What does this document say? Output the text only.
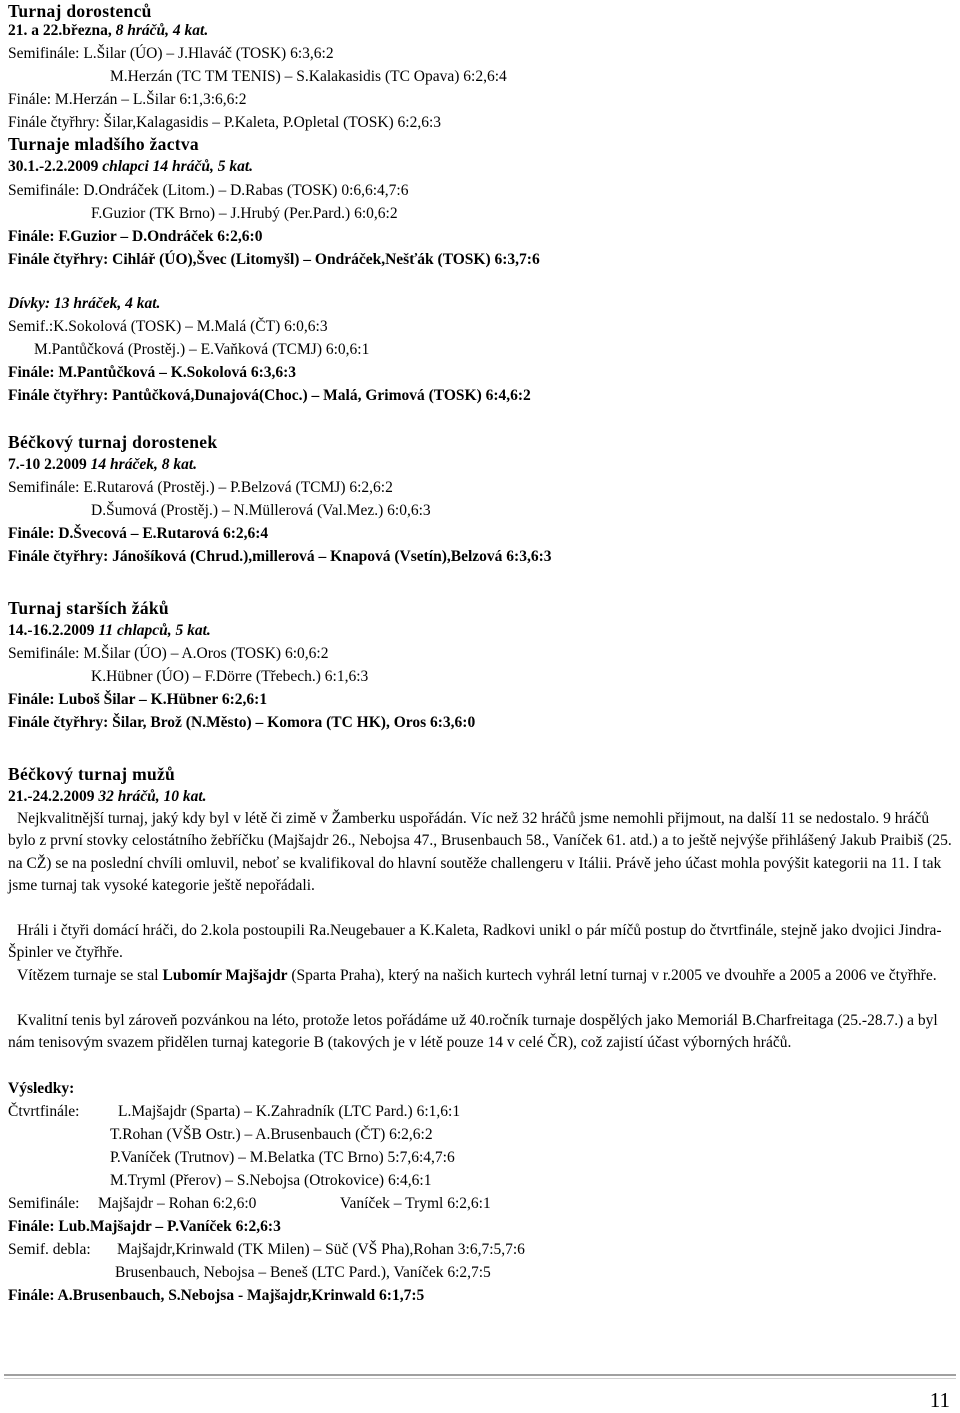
Turnaj dorostenců
21. a 22.března, 8 hráčů, 4 kat.
Semifinále: L.Šilar (ÚO) – J.Hlaváč (TOSK) 6:3,6:2
M.Herzán (TC TM TENIS) – S.Kalakasidis (TC Opava) 6:2,6:4
Finále: M.Herzán – L.Šilar 6:1,3:6,6:2
Finále čtyřhry: Šilar,Kalagasidis – P.Kaleta, P.Opletal (TOSK) 6:2,6:3
Turnaje mladšího žactva
30.1.-2.2.2009 chlapci 14 hráčů, 5 kat.
Semifinále: D.Ondráček (Litom.) – D.Rabas (TOSK) 0:6,6:4,7:6
F.Guzior (TK Brno) – J.Hrubý (Per.Pard.) 6:0,6:2
Finále: F.Guzior – D.Ondráček 6:2,6:0
Finále čtyřhry: Cihlář (ÚO),Švec (Litomyšl) – Ondráček,Nešťák (TOSK) 6:3,7:6
Dívky: 13 hráček, 4 kat.
Semif.:K.Sokolová (TOSK) – M.Malá (ČT) 6:0,6:3
M.Pantůčková (Prostěj.) – E.Vaňková (TCMJ) 6:0,6:1
Finále: M.Pantůčková – K.Sokolová 6:3,6:3
Finále čtyřhry: Pantůčková,Dunajová(Choc.) – Malá, Grimová (TOSK) 6:4,6:2
Béčkový turnaj dorostenek
7.-10 2.2009 14 hráček, 8 kat.
Semifinále: E.Rutarová (Prostěj.) – P.Belzová (TCMJ) 6:2,6:2
D.Šumová (Prostěj.) – N.Müllerová (Val.Mez.) 6:0,6:3
Finále: D.Švecová – E.Rutarová 6:2,6:4
Finále čtyřhry: Jánošíková (Chrud.),millerová – Knapová (Vsetín),Belzová 6:3,6:3
Turnaj starších žáků
14.-16.2.2009 11 chlapců, 5 kat.
Semifinále: M.Šilar (ÚO) – A.Oros (TOSK) 6:0,6:2
K.Hübner (ÚO) – F.Dörre (Třebech.) 6:1,6:3
Finále: Luboš Šilar – K.Hübner 6:2,6:1
Finále čtyřhry: Šilar, Brož (N.Město) – Komora (TC HK), Oros 6:3,6:0
Béčkový turnaj mužů
21.-24.2.2009 32 hráčů, 10 kat.
Nejkvalitnější turnaj, jaký kdy byl v létě či zimě v Žamberku uspořádán. Víc než 32 hráčů jsme nemohli přijmout, na další 11 se nedostalo. 9 hráčů bylo z první stovky celostátního žebříčku (Majšajdr 26., Nebojsa 47., Brusenbauch 58., Vaníček 61. atd.) a to ještě nejvýše přihlášený Jakub Praibiš (25. na CŽ) se na poslední chvíli omluvil, neboť se kvalifikoval do hlavní soutěže challengeru v Itálii. Právě jeho účast mohla povýšit kategorii na 11. I tak jsme turnaj tak vysoké kategorie ještě nepořádali.
Hráli i čtyři domácí hráči, do 2.kola postoupili Ra.Neugebauer a K.Kaleta, Radkovi unikl o pár míčů postup do čtvrtfinále, stejně jako dvojici Jindra-Špinler ve čtyřhře.
Vítězem turnaje se stal Lubomír Majšajdr (Sparta Praha), který na našich kurtech vyhrál letní turnaj v r.2005 ve dvouhře a 2005 a 2006 ve čtyřhře.
Kvalitní tenis byl zároveň pozvánkou na léto, protože letos pořádáme už 40.ročník turnaje dospělých jako Memoriál B.Charfreitaga (25.-28.7.) a byl nám tenisovým svazem přidělen turnaj kategorie B (takových je v létě pouze 14 v celé ČR), což zajistí účast výborných hráčů.
Výsledky:
Čtvrtfinále: L.Majšajdr (Sparta) – K.Zahradník (LTC Pard.) 6:1,6:1
T.Rohan (VŠB Ostr.) – A.Brusenbauch (ČT) 6:2,6:2
P.Vaníček (Trutnov) – M.Belatka (TC Brno) 5:7,6:4,7:6
M.Tryml (Přerov) – S.Nebojsa (Otrokovice) 6:4,6:1
Semifinále: Majšajdr – Rohan 6:2,6:0	Vaníček – Tryml 6:2,6:1
Finále: Lub.Majšajdr – P.Vaníček 6:2,6:3
Semif. debla: Majšajdr,Krinwald (TK Milen) – Süč (VŠ Pha),Rohan 3:6,7:5,7:6
Brusenbauch, Nebojsa – Beneš (LTC Pard.), Vaníček 6:2,7:5
Finále: A.Brusenbauch, S.Nebojsa - Majšajdr,Krinwald 6:1,7:5
11
